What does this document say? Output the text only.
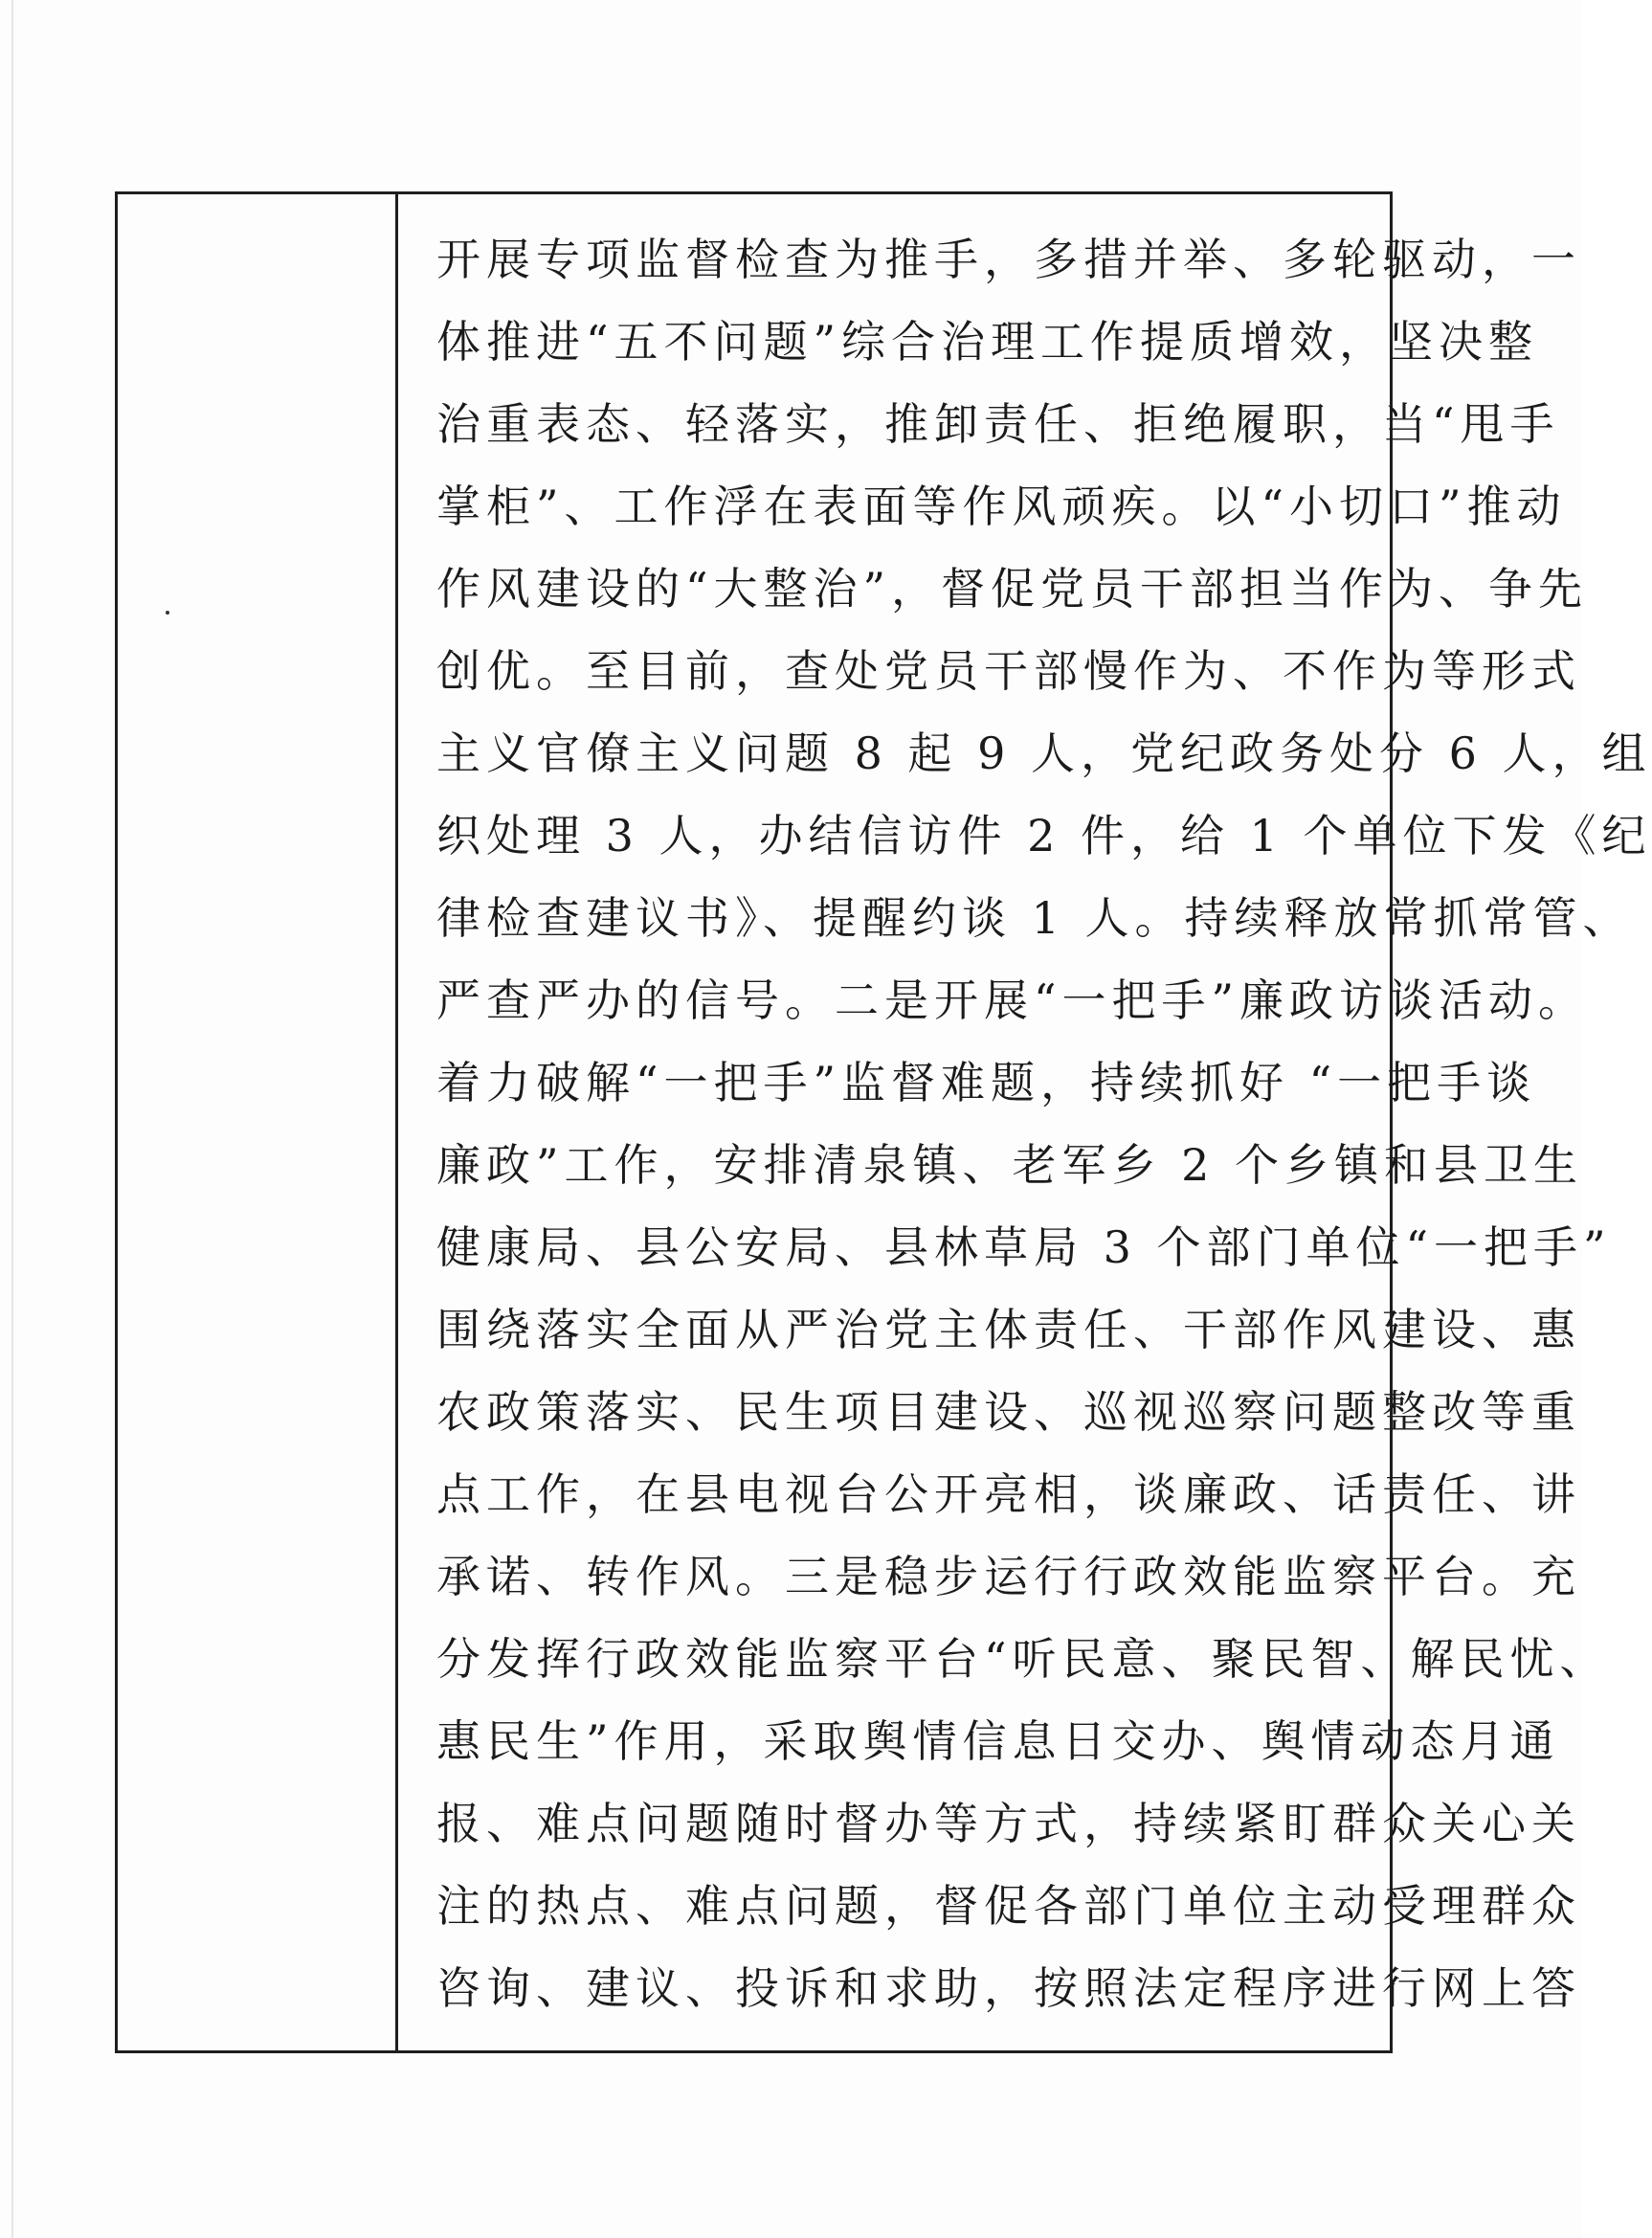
开展专项监督检查为推手，多措并举、多轮驱动，一
体推进“五不问题”综合治理工作提质增效，坚决整
治重表态、轻落实，推卸责任、拒绝履职，当“甩手
掌柜”、工作浮在表面等作风顽疾。以“小切口”推动
作风建设的“大整治”，督促党员干部担当作为、争先
创优。至目前，查处党员干部慢作为、不作为等形式
主义官僚主义问题 8 起 9 人，党纪政务处分 6 人，组
织处理 3 人，办结信访件 2 件，给 1 个单位下发《纪
律检查建议书》、提醒约谈 1 人。持续释放常抓常管、
严查严办的信号。二是开展“一把手”廉政访谈活动。
着力破解“一把手”监督难题，持续抓好 “一把手谈
廉政”工作，安排清泉镇、老军乡 2 个乡镇和县卫生
健康局、县公安局、县林草局 3 个部门单位“一把手”
围绕落实全面从严治党主体责任、干部作风建设、惠
农政策落实、民生项目建设、巡视巡察问题整改等重
点工作，在县电视台公开亮相，谈廉政、话责任、讲
承诺、转作风。三是稳步运行行政效能监察平台。充
分发挥行政效能监察平台“听民意、聚民智、解民忧、
惠民生”作用，采取舆情信息日交办、舆情动态月通
报、难点问题随时督办等方式，持续紧盯群众关心关
注的热点、难点问题，督促各部门单位主动受理群众
咨询、建议、投诉和求助，按照法定程序进行网上答
